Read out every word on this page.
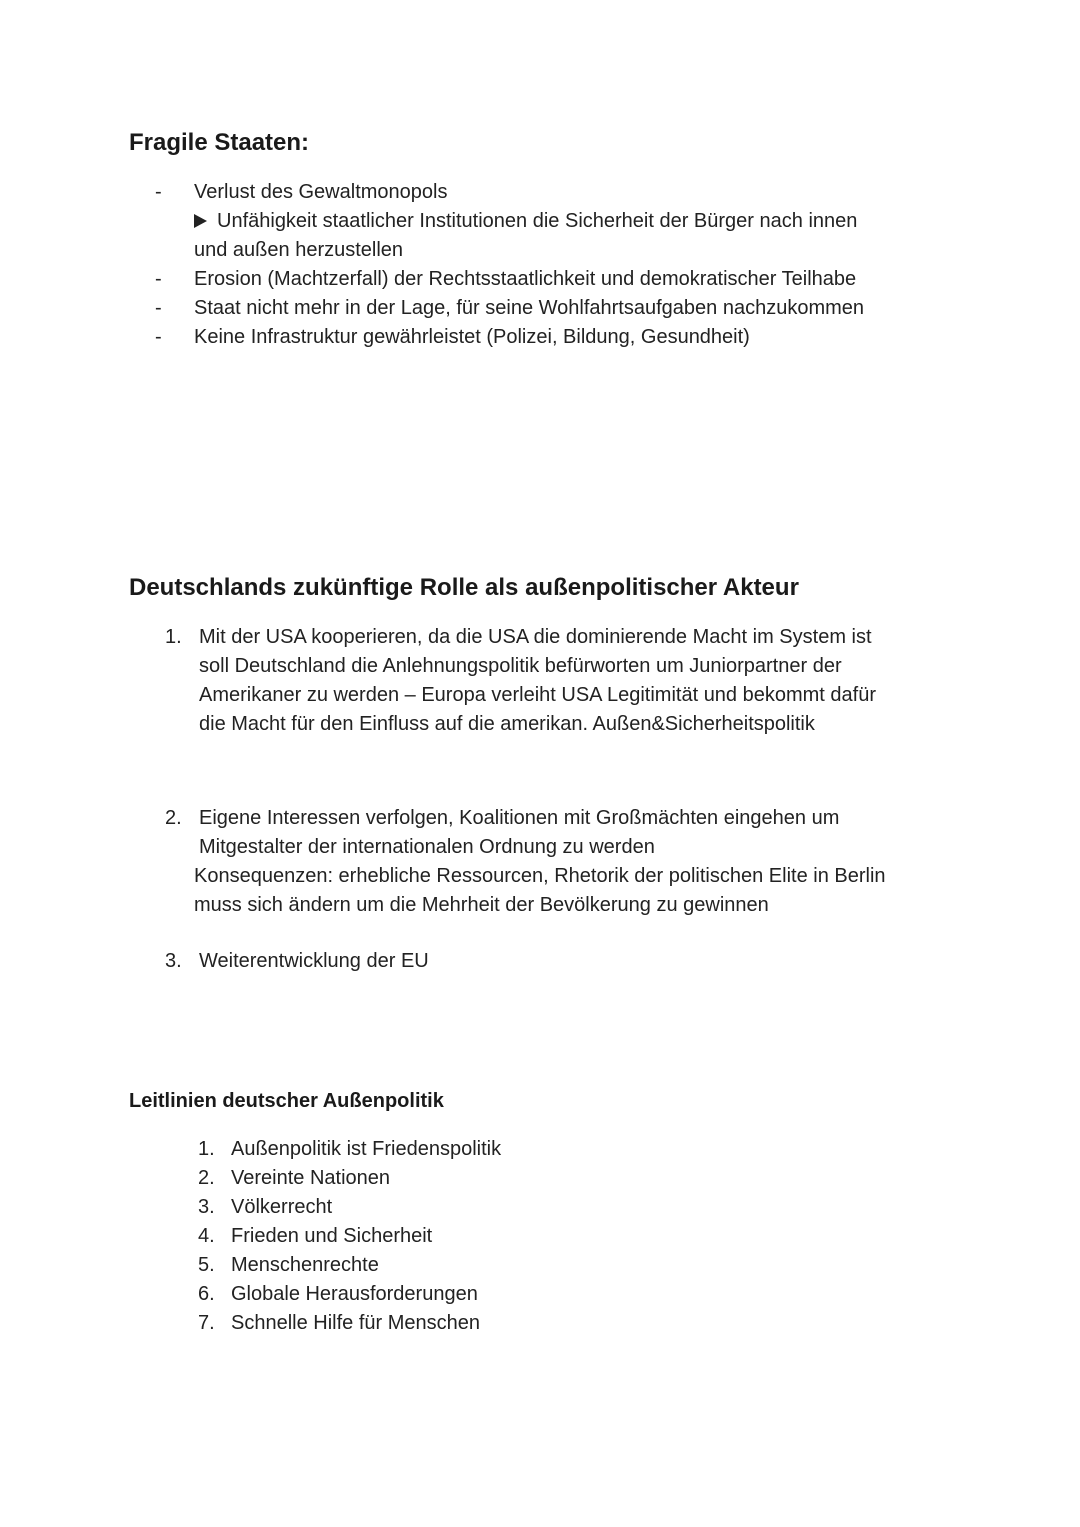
Fragile Staaten:
- Verlust des Gewaltmonopols
Unfähigkeit staatlicher Institutionen die Sicherheit der Bürger nach innen
und außen herzustellen
- Erosion (Machtzerfall) der Rechtsstaatlichkeit und demokratischer Teilhabe
- Staat nicht mehr in der Lage, für seine Wohlfahrtsaufgaben nachzukommen
- Keine Infrastruktur gewährleistet (Polizei, Bildung, Gesundheit)
Deutschlands zukünftige Rolle als außenpolitischer Akteur
1. Mit der USA kooperieren, da die USA die dominierende Macht im System ist
soll Deutschland die Anlehnungspolitik befürworten um Juniorpartner der
Amerikaner zu werden – Europa verleiht USA Legitimität und bekommt dafür
die Macht für den Einfluss auf die amerikan. Außen&Sicherheitspolitik
2. Eigene Interessen verfolgen, Koalitionen mit Großmächten eingehen um
Mitgestalter der internationalen Ordnung zu werden
Konsequenzen: erhebliche Ressourcen, Rhetorik der politischen Elite in Berlin
muss sich ändern um die Mehrheit der Bevölkerung zu gewinnen
3. Weiterentwicklung der EU
Leitlinien deutscher Außenpolitik
1. Außenpolitik ist Friedenspolitik
2. Vereinte Nationen
3. Völkerrecht
4. Frieden und Sicherheit
5. Menschenrechte
6. Globale Herausforderungen
7. Schnelle Hilfe für Menschen
